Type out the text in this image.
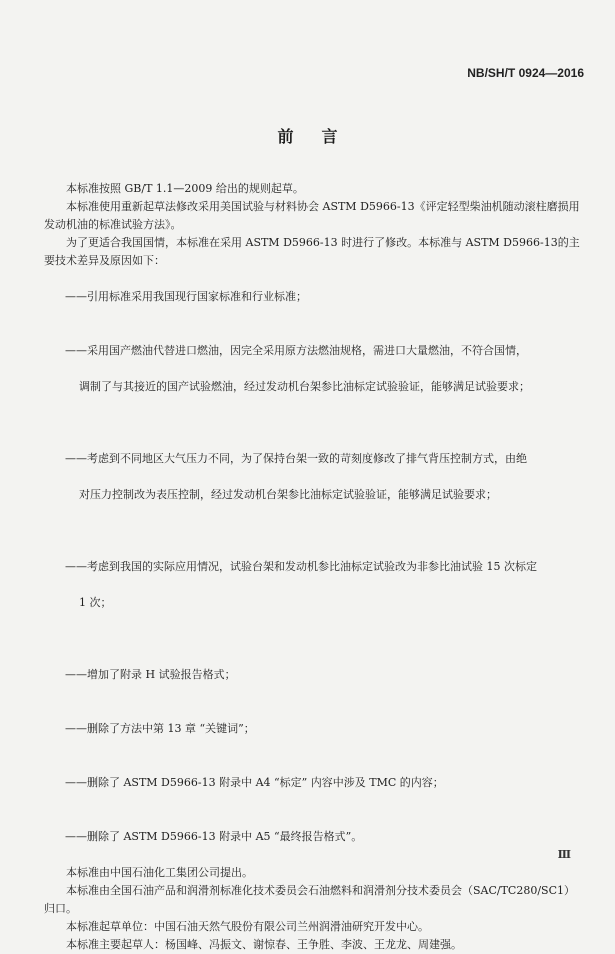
NB/SH/T 0924—2016
前言

本标准按照 GB/T 1.1—2009 给出的规则起草。

本标准使用重新起草法修改采用美国试验与材料协会 ASTM D5966-13《评定轻型柴油机随动滚柱磨损用发动机油的标准试验方法》。

为了更适合我国国情，本标准在采用 ASTM D5966-13 时进行了修改。本标准与 ASTM D5966-13的主要技术差异及原因如下：

——引用标准采用我国现行国家标准和行业标准；

——采用国产燃油代替进口燃油，因完全采用原方法燃油规格，需进口大量燃油，不符合国情，

调制了与其接近的国产试验燃油，经过发动机台架参比油标定试验验证，能够满足试验要求；

——考虑到不同地区大气压力不同，为了保持台架一致的苛刻度修改了排气背压控制方式，由绝

对压力控制改为表压控制，经过发动机台架参比油标定试验验证，能够满足试验要求；

——考虑到我国的实际应用情况，试验台架和发动机参比油标定试验改为非参比油试验 15 次标定

1 次；

——增加了附录 H 试验报告格式；

——删除了方法中第 13 章 “关键词”；

——删除了 ASTM D5966-13 附录中 A4 “标定” 内容中涉及 TMC 的内容；

——删除了 ASTM D5966-13 附录中 A5 “最终报告格式”。

本标准由中国石油化工集团公司提出。

本标准由全国石油产品和润滑剂标准化技术委员会石油燃料和润滑剂分技术委员会（SAC/TC280/SC1）归口。

本标准起草单位：中国石油天然气股份有限公司兰州润滑油研究开发中心。

本标准主要起草人：杨国峰、冯振文、谢惊春、王争胜、李波、王龙龙、周建强。

Ⅲ
